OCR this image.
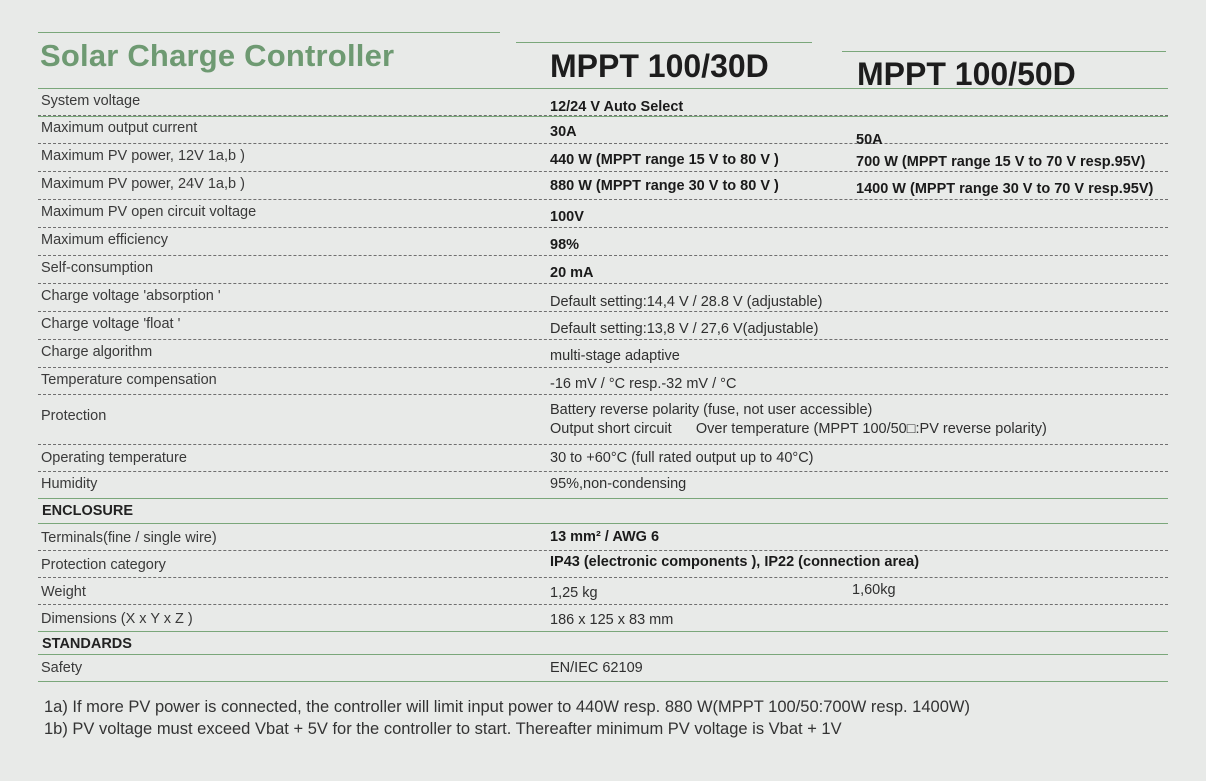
Solar Charge Controller	MPPT 100/30D	MPPT 100/50D
System voltage	12/24 V Auto Select
Maximum output current	30A	50A
Maximum PV power, 12V 1a,b )	440 W (MPPT range 15 V to 80 V )	700 W (MPPT range 15 V to 70 V resp.95V)
Maximum PV power, 24V 1a,b )	880 W (MPPT range 30 V to 80 V )	1400 W (MPPT range 30 V to 70 V resp.95V)
Maximum PV open circuit voltage	100V
Maximum efficiency	98%
Self-consumption	20 mA
Charge voltage 'absorption '	Default setting:14,4 V / 28.8 V (adjustable)
Charge voltage 'float '	Default setting:13,8 V / 27,6 V(adjustable)
Charge algorithm	multi-stage adaptive
Temperature compensation	-16 mV / °C resp.-32 mV / °C
Protection	Battery reverse polarity (fuse, not user accessible)
Output short circuit      Over temperature (MPPT 100/50□:PV reverse polarity)
Operating temperature	30 to +60°C (full rated output up to 40°C)
Humidity	95%,non-condensing
ENCLOSURE
Terminals(fine / single wire)	13 mm² / AWG 6
Protection category	IP43 (electronic components ), IP22 (connection area)
Weight	1,25 kg	1,60kg
Dimensions (X x Y x Z )	186 x 125 x 83 mm
STANDARDS
Safety	EN/IEC 62109
1a) If more PV power is connected, the controller will limit input power to 440W resp. 880 W(MPPT 100/50:700W resp. 1400W)
1b) PV voltage must exceed Vbat + 5V for the controller to start. Thereafter minimum PV voltage is Vbat + 1V
